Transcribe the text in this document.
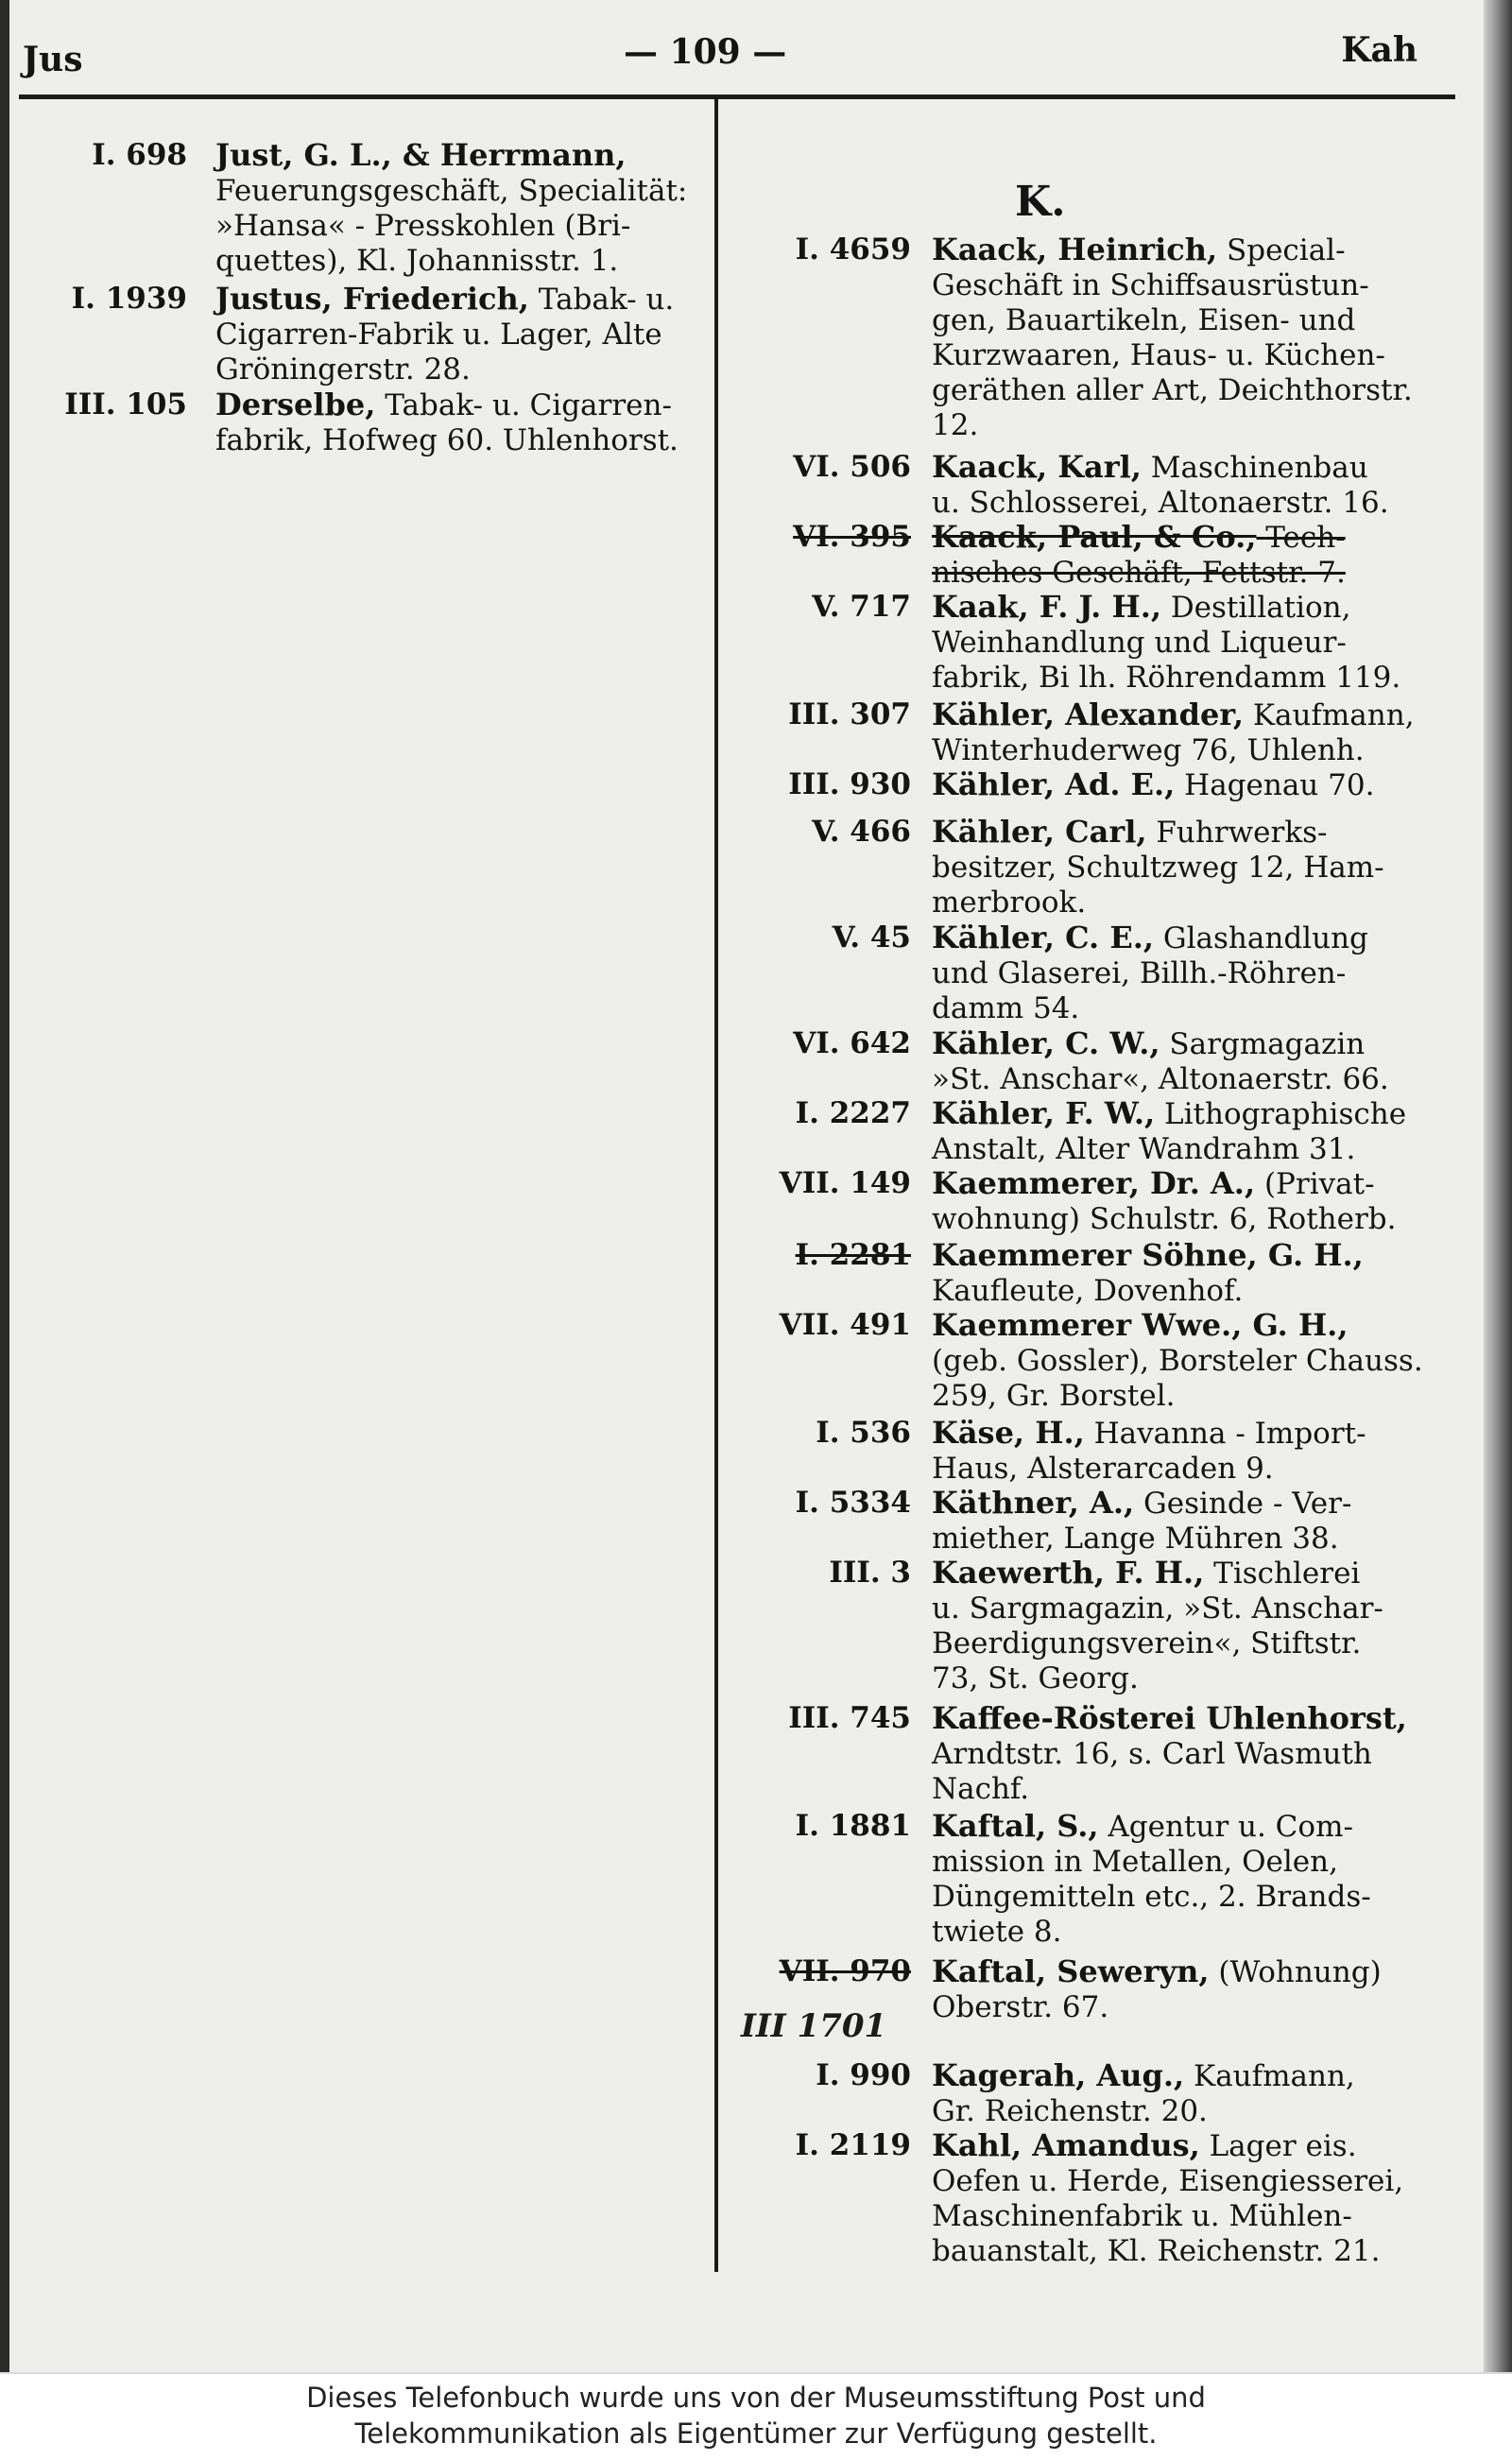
Jus	— 109 —	Kah
I. 698 Just, G. L., & Herrmann,
Feuerungsgeschäft, Specialität:
»Hansa« - Presskohlen (Bri-
quettes), Kl. Johannisstr. 1.
I. 1939 Justus, Friederich, Tabak- u.
Cigarren-Fabrik u. Lager, Alte
Gröningerstr. 28.
III. 105 Derselbe, Tabak- u. Cigarren-
fabrik, Hofweg 60. Uhlenhorst.
K.
I. 4659 Kaack, Heinrich, Special-
Geschäft in Schiffsausrüstun-
gen, Bauartikeln, Eisen- und
Kurzwaaren, Haus- u. Küchen-
geräthen aller Art, Deichthorstr.
12.
VI. 506 Kaack, Karl, Maschinenbau
u. Schlosserei, Altonaerstr. 16.
VI. 395 Kaack, Paul, & Co., Tech-
nisches Geschäft, Fettstr. 7.
V. 717 Kaak, F. J. H., Destillation,
Weinhandlung und Liqueur-
fabrik, Bi lh. Röhrendamm 119.
III. 307 Kähler, Alexander, Kaufmann,
Winterhuderweg 76, Uhlenh.
III. 930 Kähler, Ad. E., Hagenau 70.
V. 466 Kähler, Carl, Fuhrwerks-
besitzer, Schultzweg 12, Ham-
merbrook.
V. 45 Kähler, C. E., Glashandlung
und Glaserei, Billh.-Röhren-
damm 54.
VI. 642 Kähler, C. W., Sargmagazin
»St. Anschar«, Altonaerstr. 66.
I. 2227 Kähler, F. W., Lithographische
Anstalt, Alter Wandrahm 31.
VII. 149 Kaemmerer, Dr. A., (Privat-
wohnung) Schulstr. 6, Rotherb.
I. 2281 Kaemmerer Söhne, G. H.,
Kaufleute, Dovenhof.
VII. 491 Kaemmerer Wwe., G. H.,
(geb. Gossler), Borsteler Chauss.
259, Gr. Borstel.
I. 536 Käse, H., Havanna - Import-
Haus, Alsterarcaden 9.
I. 5334 Käthner, A., Gesinde - Ver-
miether, Lange Mühren 38.
III. 3 Kaewerth, F. H., Tischlerei
u. Sargmagazin, »St. Anschar-
Beerdigungsverein«, Stiftstr.
73, St. Georg.
III. 745 Kaffee-Rösterei Uhlenhorst,
Arndtstr. 16, s. Carl Wasmuth
Nachf.
I. 1881 Kaftal, S., Agentur u. Com-
mission in Metallen, Oelen,
Düngemitteln etc., 2. Brands-
twiete 8.
VII. 970 Kaftal, Seweryn, (Wohnung)
Oberstr. 67.
I. 990 Kagerah, Aug., Kaufmann,
Gr. Reichenstr. 20.
I. 2119 Kahl, Amandus, Lager eis.
Oefen u. Herde, Eisengiesserei,
Maschinenfabrik u. Mühlen-
bauanstalt, Kl. Reichenstr. 21.
III 1701
Dieses Telefonbuch wurde uns von der Museumsstiftung Post und
Telekommunikation als Eigentümer zur Verfügung gestellt.
